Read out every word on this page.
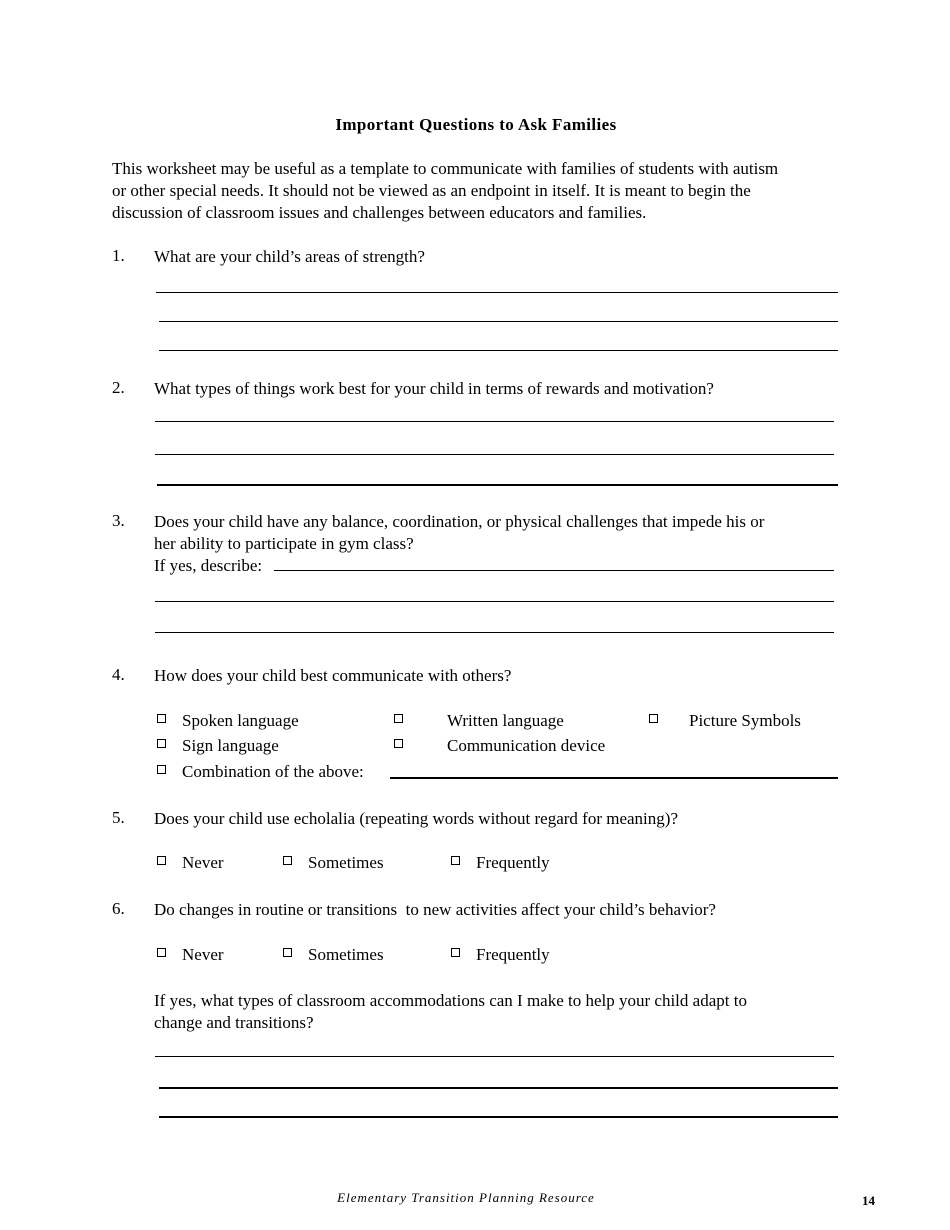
Important Questions to Ask Families
This worksheet may be useful as a template to communicate with families of students with autism
or other special needs. It should not be viewed as an endpoint in itself. It is meant to begin the
discussion of classroom issues and challenges between educators and families.
1. What are your child’s areas of strength?
2. What types of things work best for your child in terms of rewards and motivation?
3. Does your child have any balance, coordination, or physical challenges that impede his or
her ability to participate in gym class?
If yes, describe:
4. How does your child best communicate with others?
Spoken language	Written language	Picture Symbols
Sign language	Communication device
Combination of the above:
5. Does your child use echolalia (repeating words without regard for meaning)?
Never	Sometimes	Frequently
6. Do changes in routine or transitions  to new activities affect your child’s behavior?
Never	Sometimes	Frequently
If yes, what types of classroom accommodations can I make to help your child adapt to
change and transitions?
Elementary Transition Planning Resource	14
